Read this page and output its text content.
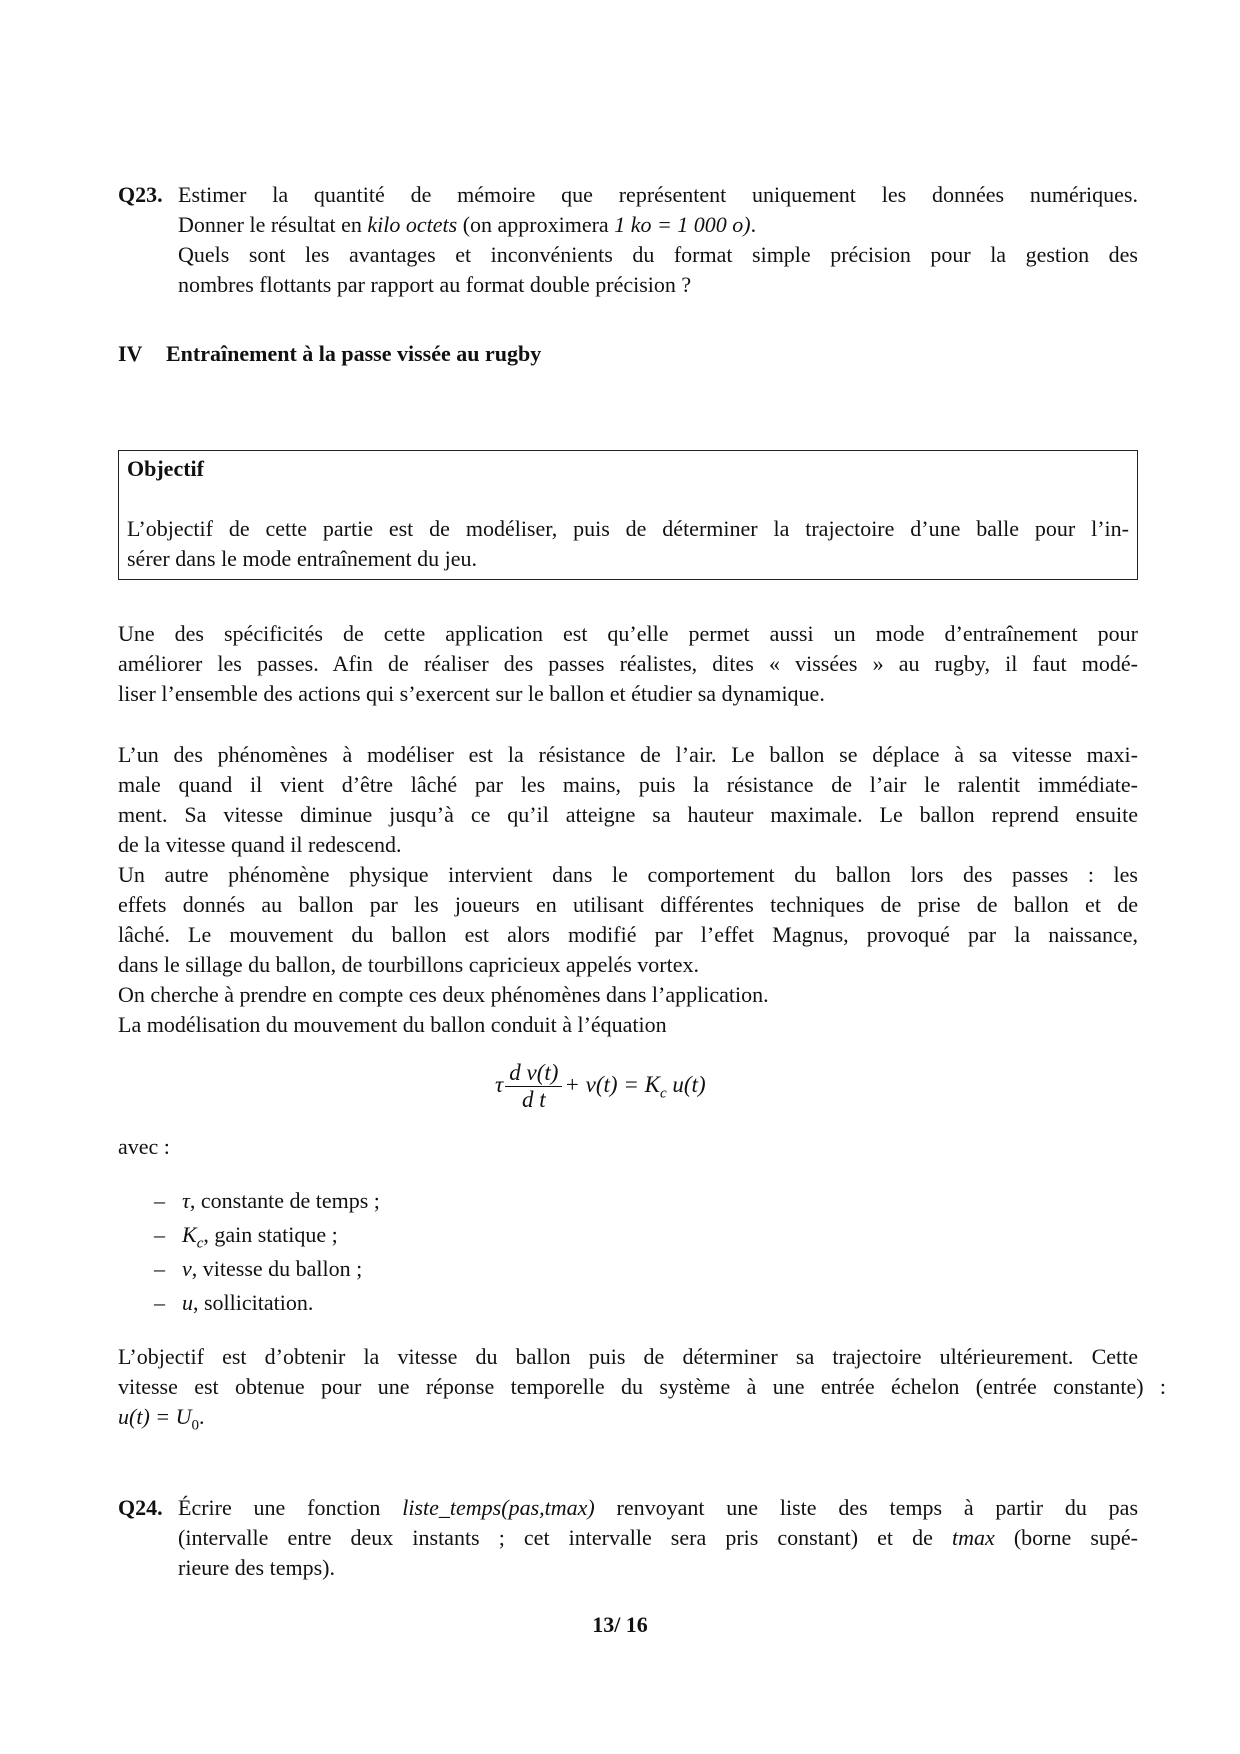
Q23. Estimer la quantité de mémoire que représentent uniquement les données numériques.
Donner le résultat en kilo octets (on approximera 1 ko = 1 000 o).
Quels sont les avantages et inconvénients du format simple précision pour la gestion des
nombres flottants par rapport au format double précision ?
IV Entraînement à la passe vissée au rugby
Objectif
L’objectif de cette partie est de modéliser, puis de déterminer la trajectoire d’une balle pour l’in-
sérer dans le mode entraînement du jeu.
Une des spécificités de cette application est qu’elle permet aussi un mode d’entraînement pour
améliorer les passes. Afin de réaliser des passes réalistes, dites « vissées » au rugby, il faut modé-
liser l’ensemble des actions qui s’exercent sur le ballon et étudier sa dynamique.
L’un des phénomènes à modéliser est la résistance de l’air. Le ballon se déplace à sa vitesse maxi-
male quand il vient d’être lâché par les mains, puis la résistance de l’air le ralentit immédiate-
ment. Sa vitesse diminue jusqu’à ce qu’il atteigne sa hauteur maximale. Le ballon reprend ensuite
de la vitesse quand il redescend.
Un autre phénomène physique intervient dans le comportement du ballon lors des passes : les
effets donnés au ballon par les joueurs en utilisant différentes techniques de prise de ballon et de
lâché. Le mouvement du ballon est alors modifié par l’effet Magnus, provoqué par la naissance,
dans le sillage du ballon, de tourbillons capricieux appelés vortex.
On cherche à prendre en compte ces deux phénomènes dans l’application.
La modélisation du mouvement du ballon conduit à l’équation
τ $\frac{\text{d v(t)}}{\text{d t}} + v(t) = K_c$ u(t)
avec :
– τ, constante de temps ;
– $K_c$, gain statique ;
– v, vitesse du ballon ;
– u, sollicitation.
L’objectif est d’obtenir la vitesse du ballon puis de déterminer sa trajectoire ultérieurement. Cette
vitesse est obtenue pour une réponse temporelle du système à une entrée échelon (entrée constante) :
$u(t) = U_0$.
Q24. Écrire une fonction liste_temps(pas,tmax) renvoyant une liste des temps à partir du pas
(intervalle entre deux instants ; cet intervalle sera pris constant) et de tmax (borne supé-
rieure des temps).
13/ 16
